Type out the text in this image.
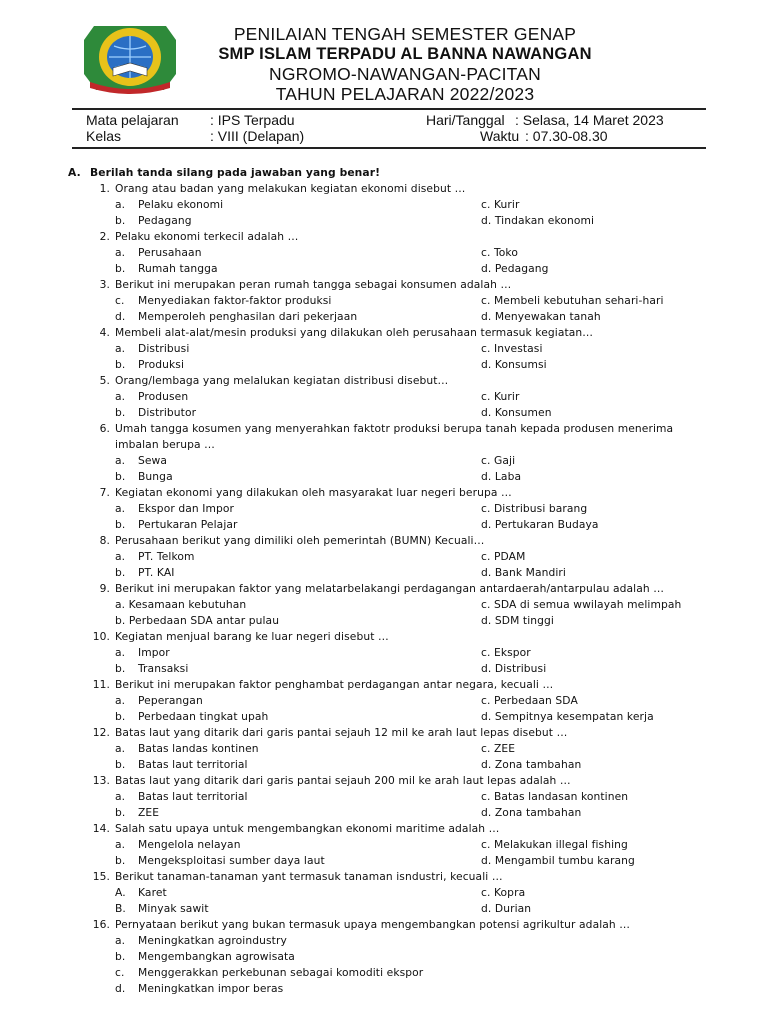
PENILAIAN TENGAH SEMESTER GENAP
SMP ISLAM TERPADU AL BANNA NAWANGAN
NGROMO-NAWANGAN-PACITAN
TAHUN PELAJARAN 2022/2023
Mata pelajaran : IPS Terpadu	Hari/Tanggal : Selasa, 14 Maret 2023
Kelas	: VIII (Delapan)	Waktu : 07.30-08.30
A. Berilah tanda silang pada jawaban yang benar!
1. Orang atau badan yang melakukan kegiatan ekonomi disebut …
a. Pelaku ekonomi	c. Kurir
b. Pedagang	d. Tindakan ekonomi
2. Pelaku ekonomi terkecil adalah …
a. Perusahaan	c. Toko
b. Rumah tangga	d. Pedagang
3. Berikut ini merupakan peran rumah tangga sebagai konsumen adalah …
c. Menyediakan faktor-faktor produksi	c. Membeli kebutuhan sehari-hari
d. Memperoleh penghasilan dari pekerjaan	d. Menyewakan tanah
4. Membeli alat-alat/mesin produksi yang dilakukan oleh perusahaan termasuk kegiatan…
a. Distribusi	c. Investasi
b. Produksi	d. Konsumsi
5. Orang/lembaga yang melalukan kegiatan distribusi disebut…
a. Produsen	c. Kurir
b. Distributor	d. Konsumen
6. Umah tangga kosumen yang menyerahkan faktotr produksi berupa tanah kepada produsen menerima
imbalan berupa …
a. Sewa	c. Gaji
b. Bunga	d. Laba
7. Kegiatan ekonomi yang dilakukan oleh masyarakat luar negeri berupa …
a. Ekspor dan Impor	c. Distribusi barang
b. Pertukaran Pelajar	d. Pertukaran Budaya
8. Perusahaan berikut yang dimiliki oleh pemerintah (BUMN) Kecuali…
a. PT. Telkom	c. PDAM
b. PT. KAI	d. Bank Mandiri
9. Berikut ini merupakan faktor yang melatarbelakangi perdagangan antardaerah/antarpulau adalah …
a. Kesamaan kebutuhan	c. SDA di semua wwilayah melimpah
b. Perbedaan SDA antar pulau	d. SDM tinggi
10. Kegiatan menjual barang ke luar negeri disebut …
a. Impor	c. Ekspor
b. Transaksi	d. Distribusi
11. Berikut ini merupakan faktor penghambat perdagangan antar negara, kecuali …
a. Peperangan	c. Perbedaan SDA
b. Perbedaan tingkat upah	d. Sempitnya kesempatan kerja
12. Batas laut yang ditarik dari garis pantai sejauh 12 mil ke arah laut lepas disebut …
a. Batas landas kontinen	c. ZEE
b. Batas laut territorial	d. Zona tambahan
13. Batas laut yang ditarik dari garis pantai sejauh 200 mil ke arah laut lepas adalah …
a. Batas laut territorial	c. Batas landasan kontinen
b. ZEE	d. Zona tambahan
14. Salah satu upaya untuk mengembangkan ekonomi maritime adalah …
a. Mengelola nelayan	c. Melakukan illegal fishing
b. Mengeksploitasi sumber daya laut	d. Mengambil tumbu karang
15. Berikut tanaman-tanaman yant termasuk tanaman isndustri, kecuali …
A. Karet	c. Kopra
B. Minyak sawit	d. Durian
16. Pernyataan berikut yang bukan termasuk upaya mengembangkan potensi agrikultur adalah …
a. Meningkatkan agroindustry
b. Mengembangkan agrowisata
c. Menggerakkan perkebunan sebagai komoditi ekspor
d. Meningkatkan impor beras
